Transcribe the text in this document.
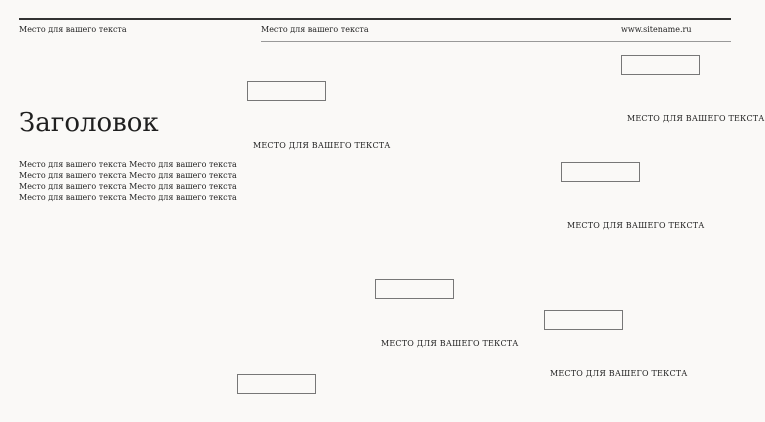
Место для вашего текста	Место для вашего текста	www.sitename.ru
Заголовок
Место для вашего текста Место для вашего текста Место для вашего текста Место для вашего текста Место для вашего текста Место для вашего текста Место для вашего текста Место для вашего текста
МЕСТО ДЛЯ ВАШЕГО ТЕКСТА
МЕСТО ДЛЯ ВАШЕГО ТЕКСТА
МЕСТО ДЛЯ ВАШЕГО ТЕКСТА
МЕСТО ДЛЯ ВАШЕГО ТЕКСТА
МЕСТО ДЛЯ ВАШЕГО ТЕКСТА
